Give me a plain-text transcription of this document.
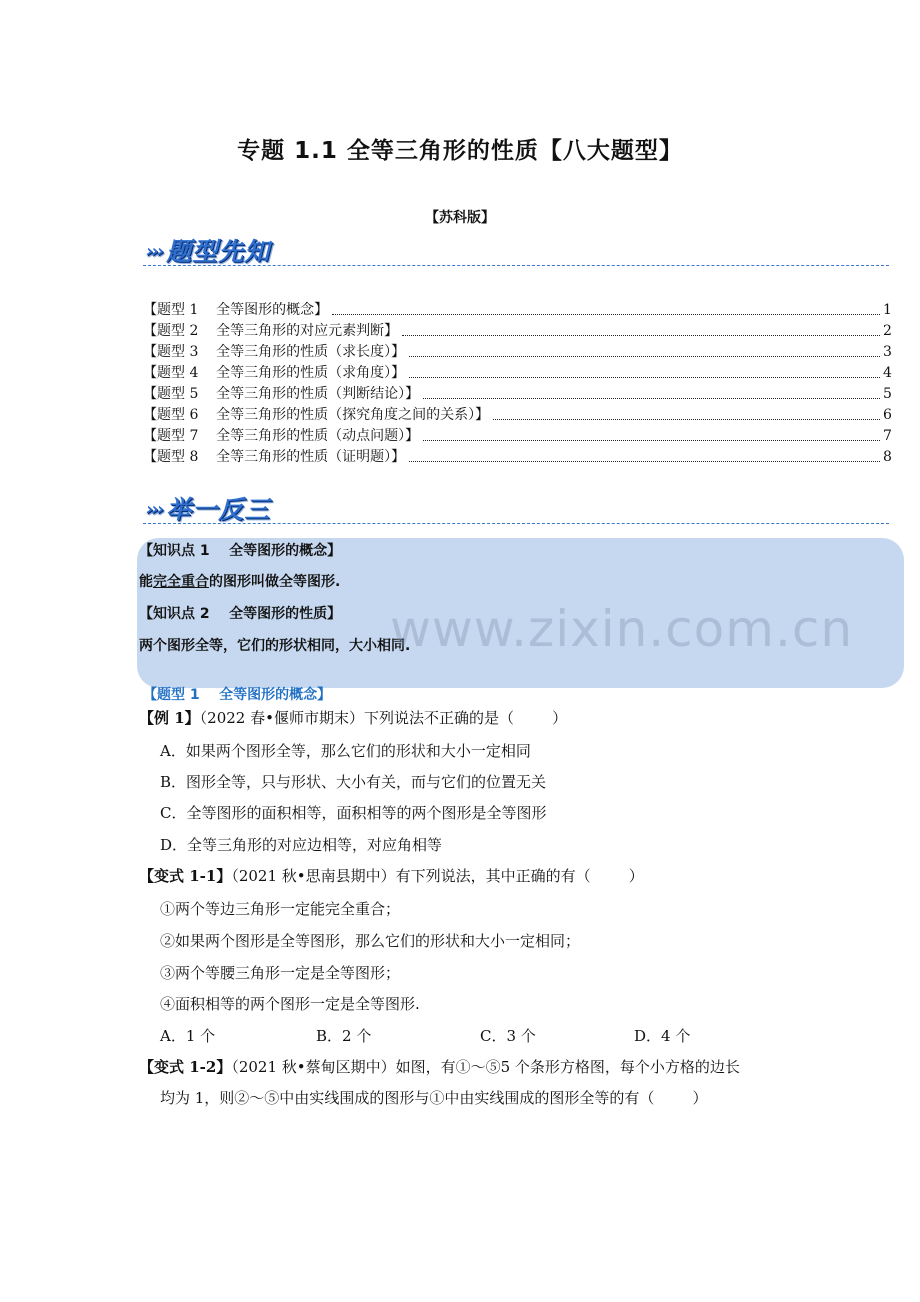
专题 1.1 全等三角形的性质【八大题型】
【苏科版】
››› 题型先知
【题型 1    全等图形的概念】	1
【题型 2    全等三角形的对应元素判断】	2
【题型 3    全等三角形的性质（求长度）】	3
【题型 4    全等三角形的性质（求角度）】	4
【题型 5    全等三角形的性质（判断结论）】	5
【题型 6    全等三角形的性质（探究角度之间的关系）】	6
【题型 7    全等三角形的性质（动点问题）】	7
【题型 8    全等三角形的性质（证明题）】	8
››› 举一反三
【知识点 1    全等图形的概念】
能完全重合的图形叫做全等图形.
【知识点 2    全等图形的性质】
两个图形全等，它们的形状相同，大小相同.
www.zixin.com.cn
【题型 1    全等图形的概念】
【例 1】（2022 春•偃师市期末）下列说法不正确的是（        ）
A．如果两个图形全等，那么它们的形状和大小一定相同
B．图形全等，只与形状、大小有关，而与它们的位置无关
C．全等图形的面积相等，面积相等的两个图形是全等图形
D．全等三角形的对应边相等，对应角相等
【变式 1-1】（2021 秋•思南县期中）有下列说法，其中正确的有（        ）
①两个等边三角形一定能完全重合；
②如果两个图形是全等图形，那么它们的形状和大小一定相同；
③两个等腰三角形一定是全等图形；
④面积相等的两个图形一定是全等图形.
A．1 个	B．2 个	C．3 个	D．4 个
【变式 1-2】（2021 秋•蔡甸区期中）如图，有①～⑤5 个条形方格图，每个小方格的边长
均为 1，则②～⑤中由实线围成的图形与①中由实线围成的图形全等的有（        ）
